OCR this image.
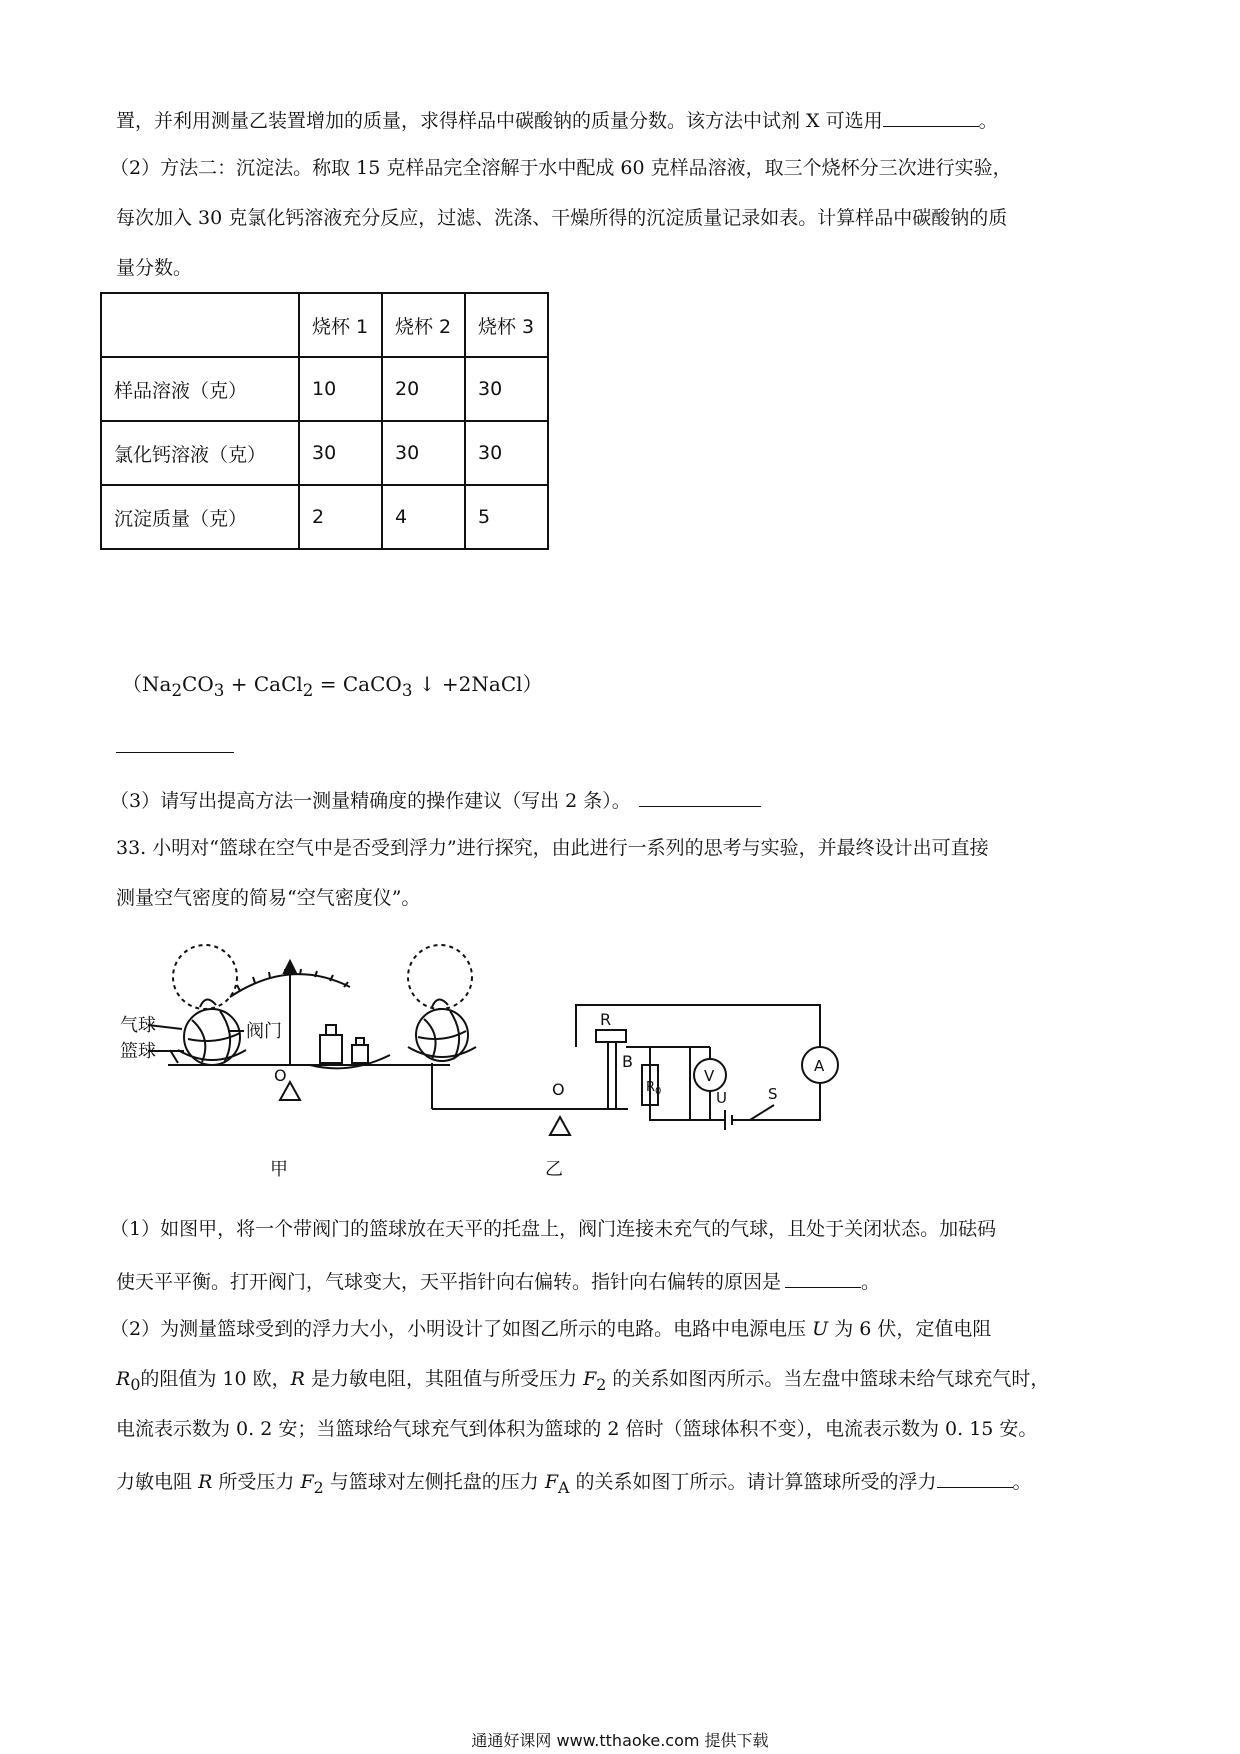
置，并利用测量乙装置增加的质量，求得样品中碳酸钠的质量分数。该方法中试剂 X 可选用	。
（2）方法二：沉淀法。称取 15 克样品完全溶解于水中配成 60 克样品溶液，取三个烧杯分三次进行实验，
每次加入 30 克氯化钙溶液充分反应，过滤、洗涤、干燥所得的沉淀质量记录如表。计算样品中碳酸钠的质
量分数。
	烧杯 1	烧杯 2	烧杯 3
样品溶液（克）	10	20	30
氯化钙溶液（克）	30	30	30
沉淀质量（克）	2	4	5
（$Na_2CO_3$ + CaCl$_2$ = CaCO$_3$ ↓ +2NaCl）
（3）请写出提高方法一测量精确度的操作建议（写出 2 条）。
33. 小明对“篮球在空气中是否受到浮力”进行探究，由此进行一系列的思考与实验，并最终设计出可直接
测量空气密度的简易“空气密度仪”。
气球
篮球
阀门
O
O
R
B
$R_0$
V
A
U	S
甲	乙
（1）如图甲，将一个带阀门的篮球放在天平的托盘上，阀门连接未充气的气球，且处于关闭状态。加砝码
使天平平衡。打开阀门，气球变大，天平指针向右偏转。指针向右偏转的原因是	。
（2）为测量篮球受到的浮力大小，小明设计了如图乙所示的电路。电路中电源电压 U 为 6 伏，定值电阻
$R_0$的阻值为 10 欧，R 是力敏电阻，其阻值与所受压力 $F_2$ 的关系如图丙所示。当左盘中篮球未给气球充气时，
电流表示数为 0. 2 安；当篮球给气球充气到体积为篮球的 2 倍时（篮球体积不变），电流表示数为 0. 15 安。
力敏电阻 R 所受压力 $F_2$ 与篮球对左侧托盘的压力 $F_A$ 的关系如图丁所示。请计算篮球所受的浮力	。
通通好课网 www.tthaoke.com 提供下载
